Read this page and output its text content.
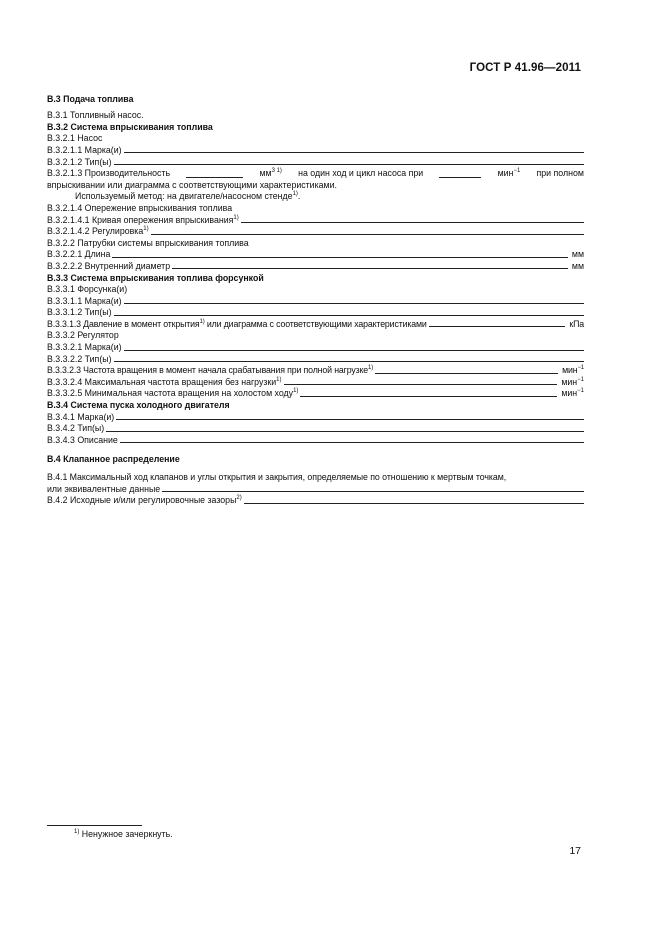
ГОСТ Р 41.96—2011
В.3 Подача топлива
В.3.1 Топливный насос.
В.3.2 Система впрыскивания топлива
В.3.2.1 Насос
В.3.2.1.1 Марка(и)
В.3.2.1.2 Тип(ы)
В.3.2.1.3 Производительность	$мм^{3 1)}$ на один ход и цикл насоса при	мин$^{-1}$ при полном
впрыскивании или диаграмма с соответствующими характеристиками.
Используемый метод: на двигателе/насосном стенде$^{1)}$.
В.3.2.1.4 Опережение впрыскивания топлива
В.3.2.1.4.1 Кривая опережения впрыскивания$^{1)}$
В.3.2.1.4.2 Регулировка$^{1)}$
В.3.2.2 Патрубки системы впрыскивания топлива
В.3.2.2.1 Длина	мм
В.3.2.2.2 Внутренний диаметр	мм
В.3.3 Система впрыскивания топлива форсункой
В.3.3.1 Форсунка(и)
В.3.3.1.1 Марка(и)
В.3.3.1.2 Тип(ы)
В.3.3.1.3 Давление в момент открытия$^{1)}$ или диаграмма с соответствующими характеристиками	кПа
В.3.3.2 Регулятор
В.3.3.2.1 Марка(и)
В.3.3.2.2 Тип(ы)
В.3.3.2.3 Частота вращения в момент начала срабатывания при полной нагрузке$^{1)}$	мин$^{-1}$
В.3.3.2.4 Максимальная частота вращения без нагрузки$^{1)}$	мин$^{-1}$
В.3.3.2.5 Минимальная частота вращения на холостом ходу$^{1)}$	мин$^{-1}$
В.3.4 Система пуска холодного двигателя
В.3.4.1 Марка(и)
В.3.4.2 Тип(ы)
В.3.4.3 Описание
В.4 Клапанное распределение
В.4.1 Максимальный ход клапанов и углы открытия и закрытия, определяемые по отношению к мертвым точкам,
или эквивалентные данные
В.4.2 Исходные и/или регулировочные зазоры$^{2)}$
$^{1)}$ Ненужное зачеркнуть.
17
